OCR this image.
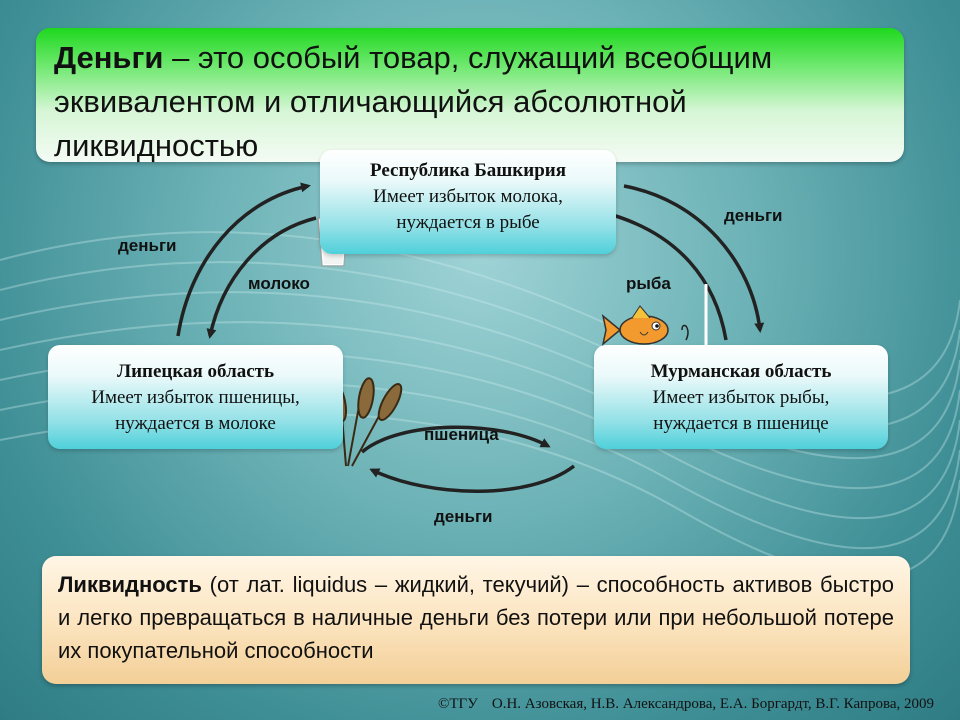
Деньги – это особый товар, служащий всеобщим эквивалентом и отличающийся абсолютной ликвидностью
Республика Башкирия
Имеет избыток молока,
нуждается в рыбе
Липецкая область
Имеет избыток пшеницы,
нуждается в молоке
Мурманская область
Имеет избыток рыбы,
нуждается в пшенице
деньги
молоко
деньги
рыба
пшеница
деньги
Ликвидность (от лат. liquidus – жидкий, текучий) – способность активов быстро и легко превращаться в наличные деньги без потери или при небольшой потере их покупательной способности
©ТГУ О.Н. Азовская, Н.В. Александрова, Е.А. Боргардт, В.Г. Капрова, 2009
